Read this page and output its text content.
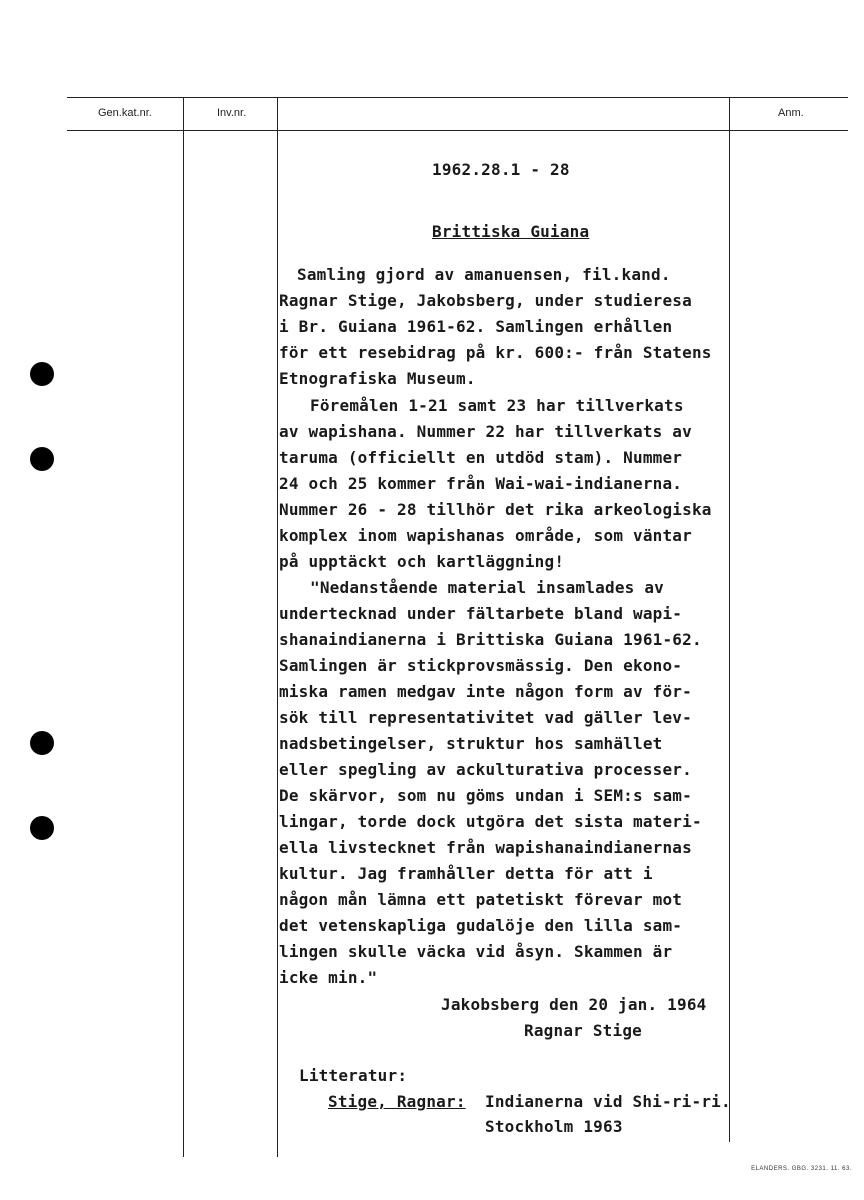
Gen.kat.nr.	Inv.nr.	Anm.
1962.28.1 - 28
Brittiska Guiana
Samling gjord av amanuensen, fil.kand.
Ragnar Stige, Jakobsberg, under studieresa
i Br. Guiana 1961-62. Samlingen erhållen
för ett resebidrag på kr. 600:- från Statens
Etnografiska Museum.
Föremålen 1-21 samt 23 har tillverkats
av wapishana. Nummer 22 har tillverkats av
taruma (officiellt en utdöd stam). Nummer
24 och 25 kommer från Wai-wai-indianerna.
Nummer 26 - 28 tillhör det rika arkeologiska
komplex inom wapishanas område, som väntar
på upptäckt och kartläggning!
"Nedanstående material insamlades av
undertecknad under fältarbete bland wapi-
shanaindianerna i Brittiska Guiana 1961-62.
Samlingen är stickprovsmässig. Den ekono-
miska ramen medgav inte någon form av för-
sök till representativitet vad gäller lev-
nadsbetingelser, struktur hos samhället
eller spegling av ackulturativa processer.
De skärvor, som nu göms undan i SEM:s sam-
lingar, torde dock utgöra det sista materi-
ella livstecknet från wapishanaindianernas
kultur. Jag framhåller detta för att i
någon mån lämna ett patetiskt förevar mot
det vetenskapliga gudalöje den lilla sam-
lingen skulle väcka vid åsyn. Skammen är
icke min."
Jakobsberg den 20 jan. 1964
Ragnar Stige
Litteratur:
Stige, Ragnar: Indianerna vid Shi-ri-ri.
Stockholm 1963
ELANDERS. GBG. 3231. 11. 63.
